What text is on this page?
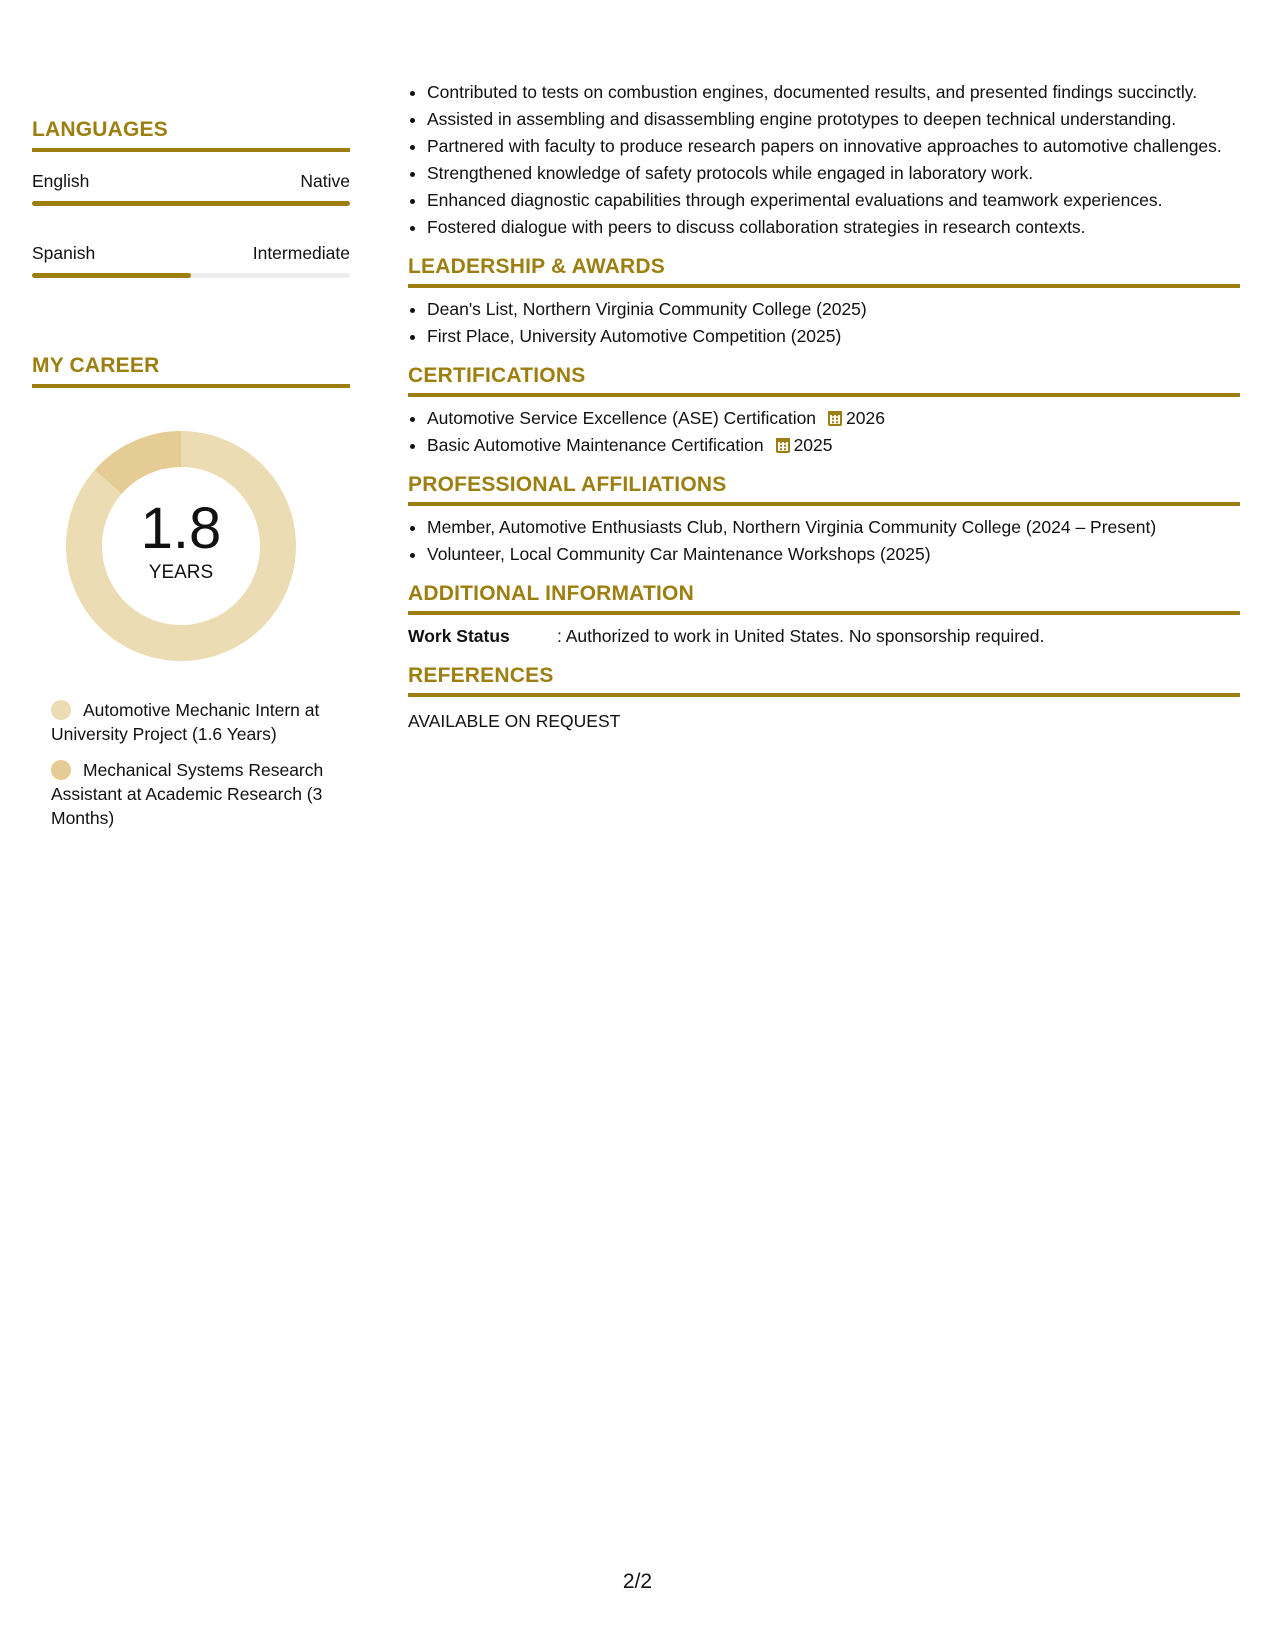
LANGUAGES
English	Native
Spanish	Intermediate
MY CAREER
1.8
YEARS
Automotive Mechanic Intern at University Project (1.6 Years)
Mechanical Systems Research Assistant at Academic Research (3 Months)
• Contributed to tests on combustion engines, documented results, and presented findings succinctly.
• Assisted in assembling and disassembling engine prototypes to deepen technical understanding.
• Partnered with faculty to produce research papers on innovative approaches to automotive challenges.
• Strengthened knowledge of safety protocols while engaged in laboratory work.
• Enhanced diagnostic capabilities through experimental evaluations and teamwork experiences.
• Fostered dialogue with peers to discuss collaboration strategies in research contexts.
LEADERSHIP & AWARDS
• Dean's List, Northern Virginia Community College (2025)
• First Place, University Automotive Competition (2025)
CERTIFICATIONS
• Automotive Service Excellence (ASE) Certification 2026
• Basic Automotive Maintenance Certification 2025
PROFESSIONAL AFFILIATIONS
• Member, Automotive Enthusiasts Club, Northern Virginia Community College (2024 – Present)
• Volunteer, Local Community Car Maintenance Workshops (2025)
ADDITIONAL INFORMATION
Work Status	: Authorized to work in United States. No sponsorship required.
REFERENCES
AVAILABLE ON REQUEST
2/2
